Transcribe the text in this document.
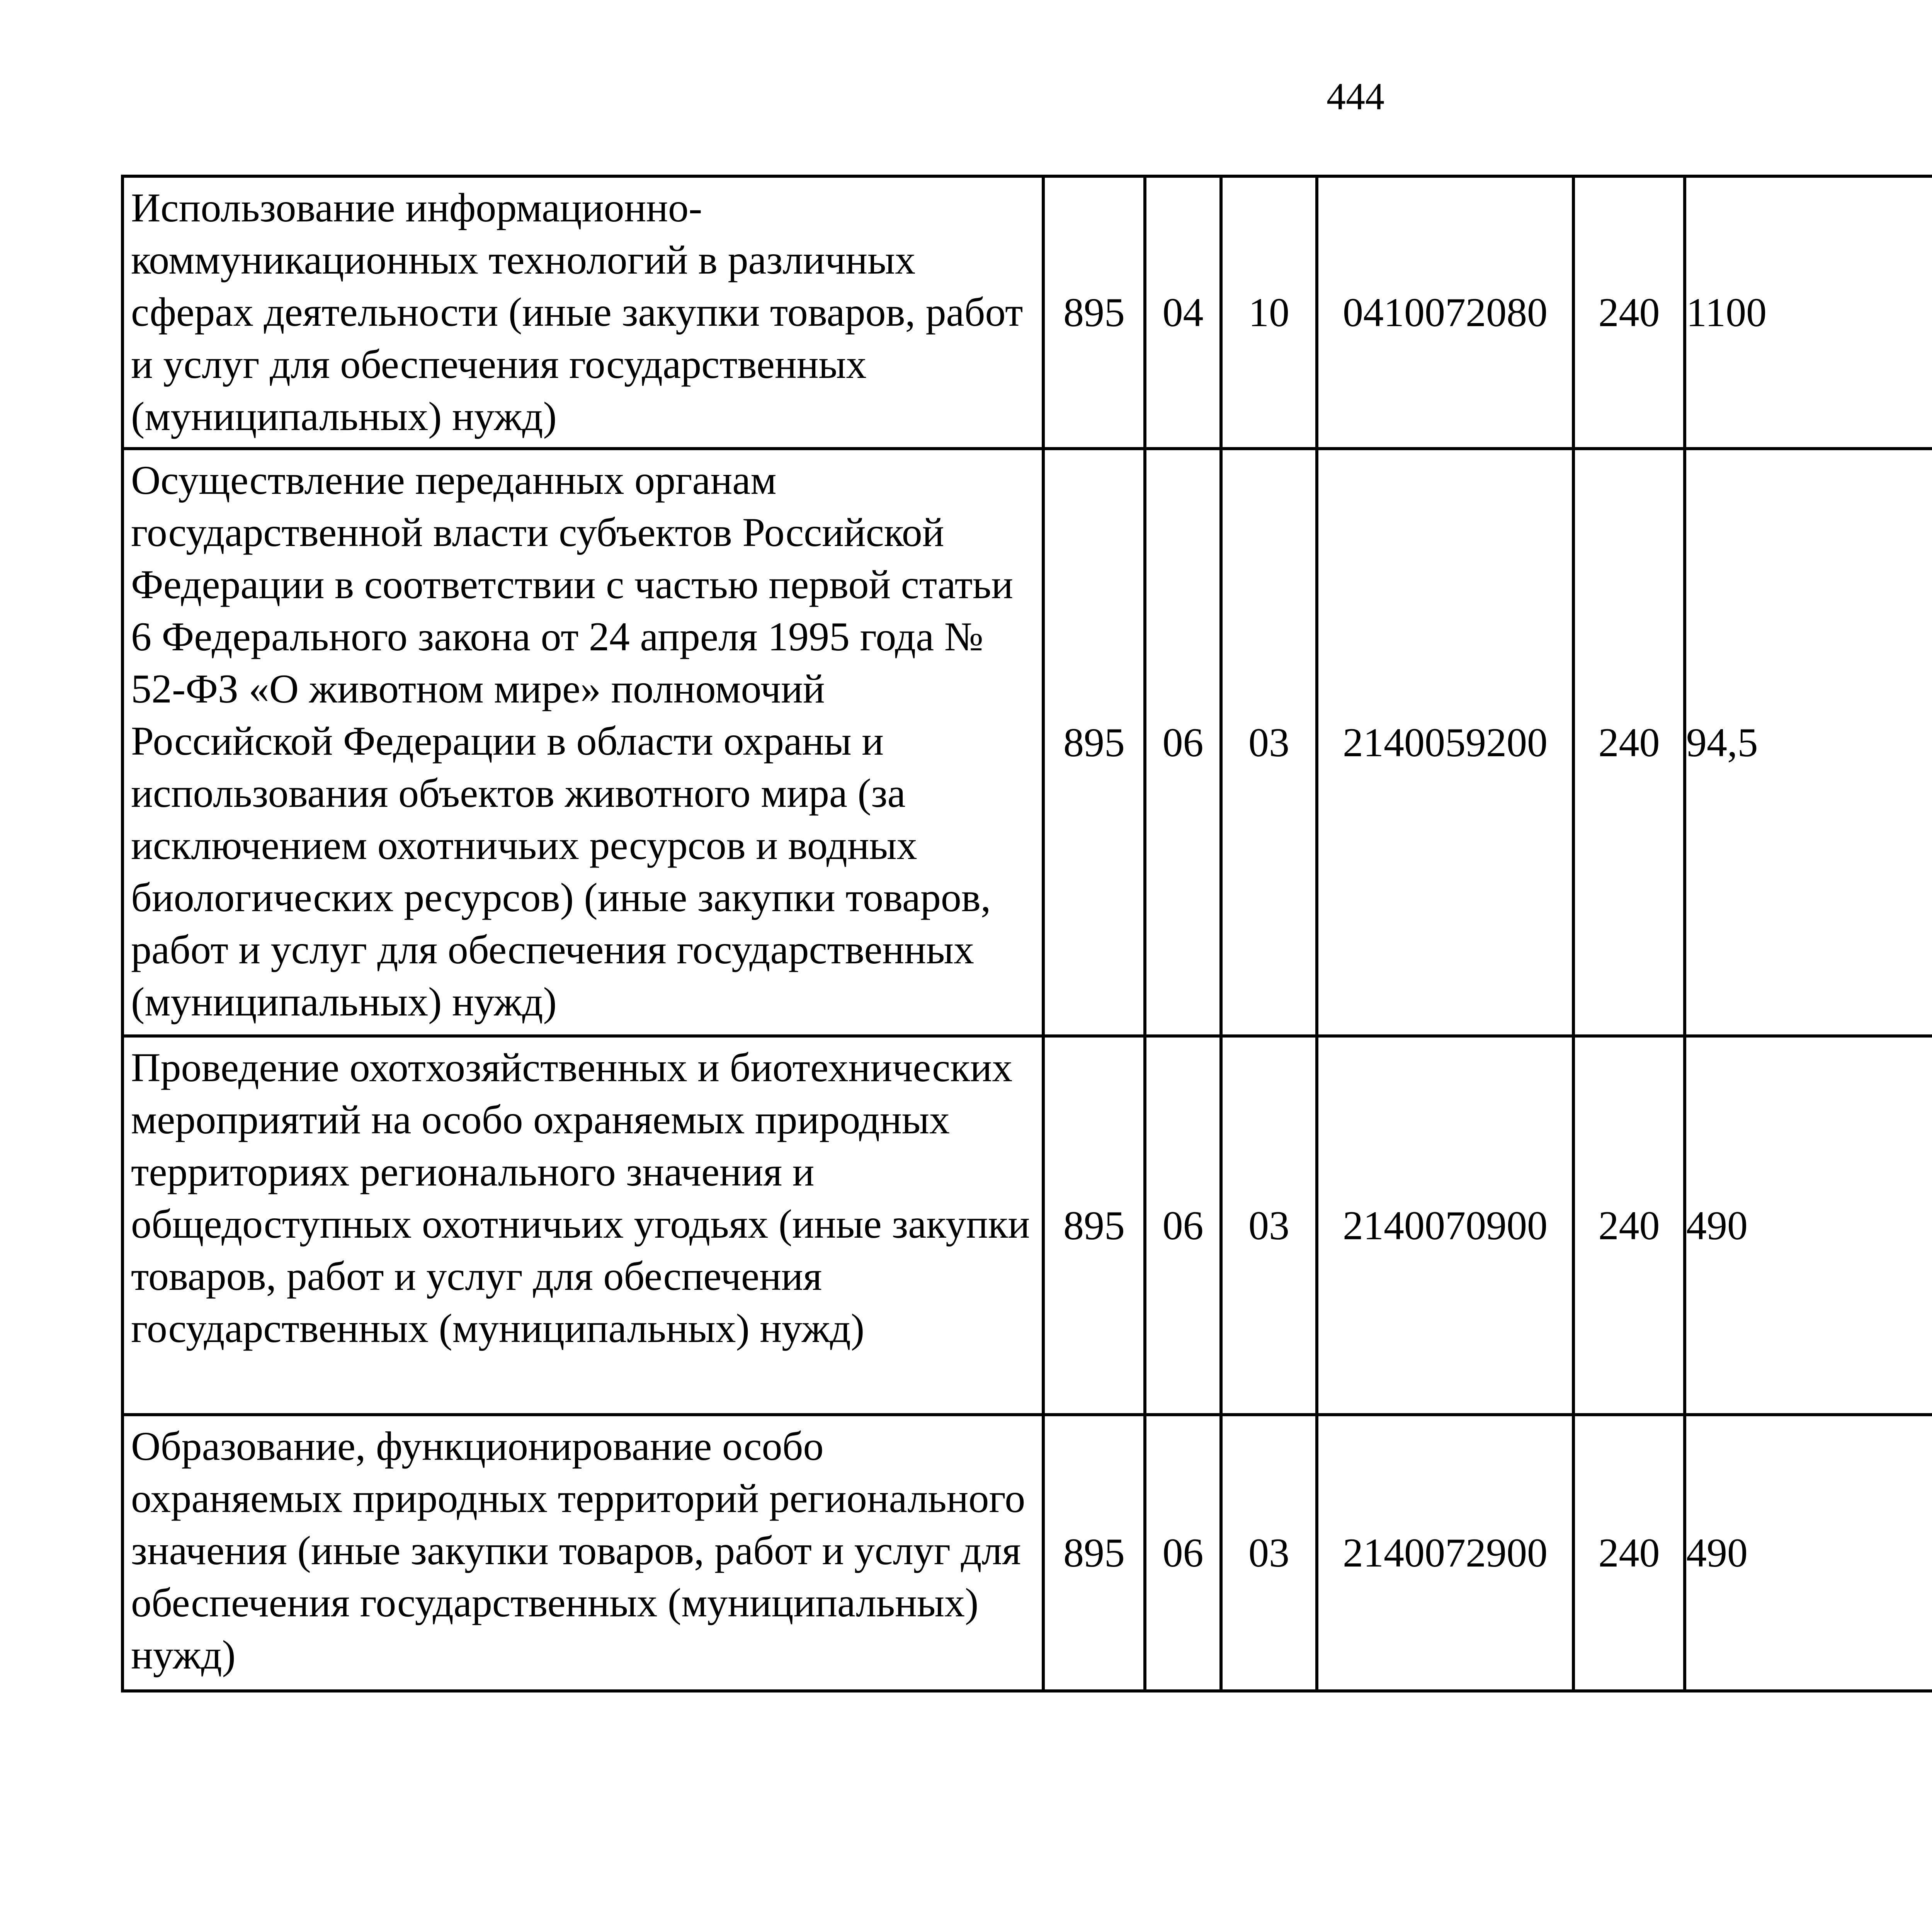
444
Использование информационно-коммуникационных технологий в различных сферах деятельности (иные закупки товаров, работ и услуг для обеспечения государственных (муниципальных) нужд)	895	04	10	0410072080	240	1100		
Осуществление переданных органам государственной власти субъектов Российской Федерации в соответствии с частью первой статьи 6 Федерального закона от 24 апреля 1995 года № 52-ФЗ «О животном мире» полномочий Российской Федерации в области охраны и использования объектов животного мира (за исключением охотничьих ресурсов и водных биологических ресурсов) (иные закупки товаров, работ и услуг для обеспечения государственных (муниципальных) нужд)	895	06	03	2140059200	240	94,5		
Проведение охотхозяйственных и биотехнических мероприятий на особо охраняемых природных территориях регионального значения и общедоступных охотничьих угодьях (иные закупки товаров, работ и услуг для обеспечения государственных (муниципальных) нужд)	895	06	03	2140070900	240	490		
Образование, функционирование особо охраняемых природных территорий регионального значения (иные закупки товаров, работ и услуг для обеспечения государственных (муниципальных) нужд)	895	06	03	2140072900	240	490		
